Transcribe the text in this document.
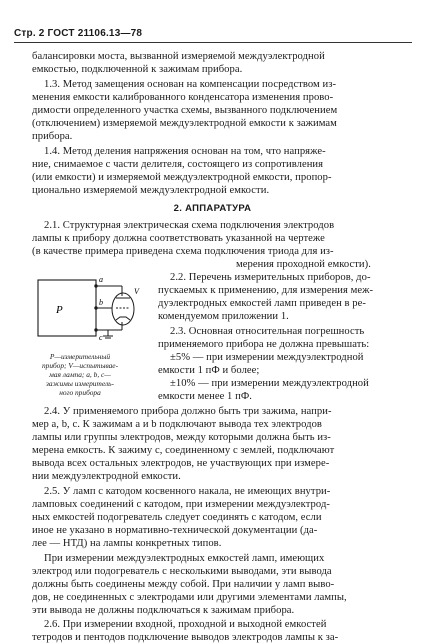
Стр. 2 ГОСТ 21106.13—78
балансировки моста, вызванной измеряемой междуэлектродной
емкостью, подключенной к зажимам прибора.
1.3. Метод замещения основан на компенсации посредством из-
менения емкости калиброванного конденсатора изменения прово-
димости определенного участка схемы, вызванного подключением
(отключением) измеряемой междуэлектродной емкости к зажимам
прибора.
1.4. Метод деления напряжения основан на том, что напряже-
ние, снимаемое с части делителя, состоящего из сопротивления
(или емкости) и измеряемой междуэлектродной емкости, пропор-
ционально измеряемой междуэлектродной емкости.
2. АППАРАТУРА
2.1. Структурная электрическая схема подключения электродов
лампы к прибору должна соответствовать указанной на чертеже
(в качестве примера приведена схема подключения триода для из-
мерения проходной емкости).
Р
a
b
c
V
Р—измерительный
прибор; V—испытывае-
мая лампа; a, b, c—
зажимы измеритель-
ного прибора
2.2. Перечень измерительных приборов, до-
пускаемых к применению, для измерения меж-
дуэлектродных емкостей ламп приведен в ре-
комендуемом приложении 1.
2.3. Основная относительная погрешность
применяемого прибора не должна превышать:
±5% — при измерении междуэлектродной
емкости 1 пФ и более;
±10% — при измерении междуэлектродной
емкости менее 1 пФ.
2.4. У применяемого прибора должно быть три зажима, напри-
мер a, b, c. К зажимам a и b подключают вывода тех электродов
лампы или группы электродов, между которыми должна быть из-
мерена емкость. К зажиму c, соединенному с землей, подключают
вывода всех остальных электродов, не участвующих при измере-
нии междуэлектродной емкости.
2.5. У ламп с катодом косвенного накала, не имеющих внутри-
ламповых соединений с катодом, при измерении междуэлектрод-
ных емкостей подогреватель следует соединять с катодом, если
иное не указано в нормативно-технической документации (да-
лее — НТД) на лампы конкретных типов.
При измерении междуэлектродных емкостей ламп, имеющих
электрод или подогреватель с несколькими выводами, эти вывода
должны быть соединены между собой. При наличии у ламп выво-
дов, не соединенных с электродами или другими элементами лампы,
эти вывода не должны подключаться к зажимам прибора.
2.6. При измерении входной, проходной и выходной емкостей
тетродов и пентодов подключение выводов электродов лампы к за-
